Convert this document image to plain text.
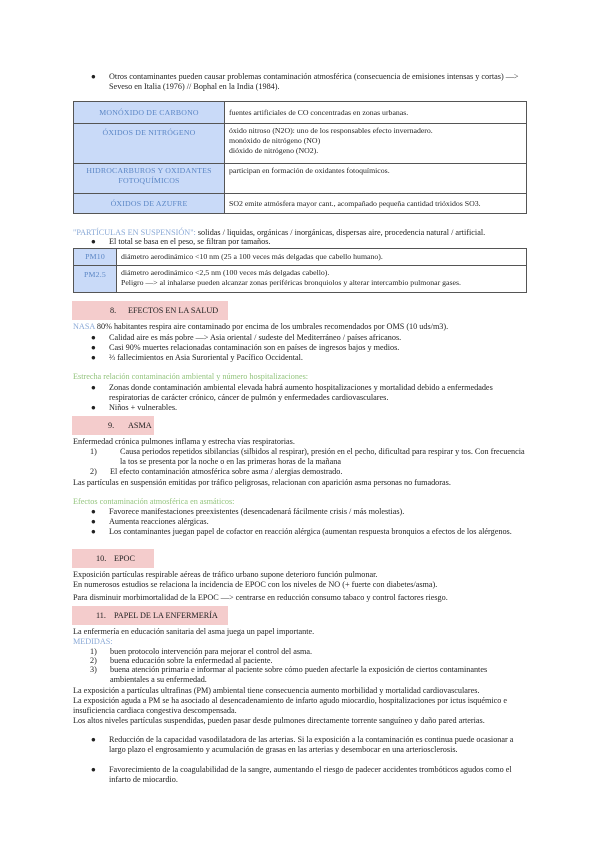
●	Otros contaminantes pueden causar problemas contaminación atmosférica (consecuencia de emisiones intensas y cortas) —> Seveso en Italia (1976) // Bophal en la India (1984).

MONÓXIDO DE CARBONO	fuentes artificiales de CO concentradas en zonas urbanas.
ÓXIDOS DE NITRÓGENO	óxido nitroso (N2O): uno de los responsables efecto invernadero.
monóxido de nitrógeno (NO)
dióxido de nitrógeno (NO2).

HIDROCARBUROS Y OXIDANTES FOTOQUÍMICOS	participan en formación de oxidantes fotoquímicos.
ÓXIDOS DE AZUFRE	SO2 emite atmósfera mayor cant., acompañado pequeña cantidad trióxidos SO3.

"PARTÍCULAS EN SUSPENSIÓN": solidas / liquidas, orgánicas / inorgánicas, dispersas aire, procedencia natural / artificial.

●	El total se basa en el peso, se filtran por tamaños.

PM10	diámetro aerodinámico <10 nm (25 a 100 veces más delgadas que cabello humano).
PM2.5	diámetro aerodinámico <2,5 nm (100 veces más delgadas cabello).
Peligro —> al inhalarse pueden alcanzar zonas periféricas bronquiolos y alterar intercambio pulmonar gases.
8. EFECTOS EN LA SALUD

NASA 80% habitantes respira aire contaminado por encima de los umbrales recomendados por OMS (10 uds/m3).

●	Calidad aire es más pobre —> Asia oriental / sudeste del Mediterráneo / países africanos.

●	Casi 90% muertes relacionadas contaminación son en países de ingresos bajos y medios.

●	⅔ fallecimientos en Asia Suroriental y Pacífico Occidental.

Estrecha relación contaminación ambiental y número hospitalizaciones:

●	Zonas donde contaminación ambiental elevada habrá aumento hospitalizaciones y mortalidad debido a enfermedades respiratorias de carácter crónico, cáncer de pulmón y enfermedades cardiovasculares.

●	Niños + vulnerables.

9. ASMA

Enfermedad crónica pulmones inflama y estrecha vías respiratorias.

1)	Causa periodos repetidos sibilancias (silbidos al respirar), presión en el pecho, dificultad para respirar y tos. Con frecuencia la tos se presenta por la noche o en las primeras horas de la mañana

2) El efecto contaminación atmosférica sobre asma / alergias demostrado.

Las partículas en suspensión emitidas por tráfico peligrosas, relacionan con aparición asma personas no fumadoras.

Efectos contaminación atmosférica en asmáticos:

●	Favorece manifestaciones preexistentes (desencadenará fácilmente crisis / más molestias).

●	Aumenta reacciones alérgicas.

●	Los contaminantes juegan papel de cofactor en reacción alérgica (aumentan respuesta bronquios a efectos de los alérgenos.

10. EPOC

Exposición partículas respirable aéreas de tráfico urbano supone deterioro función pulmonar.

En numerosos estudios se relaciona la incidencia de EPOC con los niveles de NO (+ fuerte con diabetes/asma).

Para disminuir morbimortalidad de la EPOC —> centrarse en reducción consumo tabaco y control factores riesgo.

11. PAPEL DE LA ENFERMERÍA

La enfermería en educación sanitaria del asma juega un papel importante.

MEDIDAS:

1) buen protocolo intervención para mejorar el control del asma.

2) buena educación sobre la enfermedad al paciente.

3) buena atención primaria e informar al paciente sobre cómo pueden afectarle la exposición de ciertos contaminantes ambientales a su enfermedad.

La exposición a partículas ultrafinas (PM) ambiental tiene consecuencia aumento morbilidad y mortalidad cardiovasculares.

La exposición aguda a PM se ha asociado al desencadenamiento de infarto agudo miocardio, hospitalizaciones por ictus isquémico e insuficiencia cardiaca congestiva descompensada.

Los altos niveles partículas suspendidas, pueden pasar desde pulmones directamente torrente sanguíneo y daño pared arterias.

●	Reducción de la capacidad vasodilatadora de las arterias. Si la exposición a la contaminación es continua puede ocasionar a largo plazo el engrosamiento y acumulación de grasas en las arterias y desembocar en una arteriosclerosis.

●	Favorecimiento de la coagulabilidad de la sangre, aumentando el riesgo de padecer accidentes trombóticos agudos como el infarto de miocardio.
